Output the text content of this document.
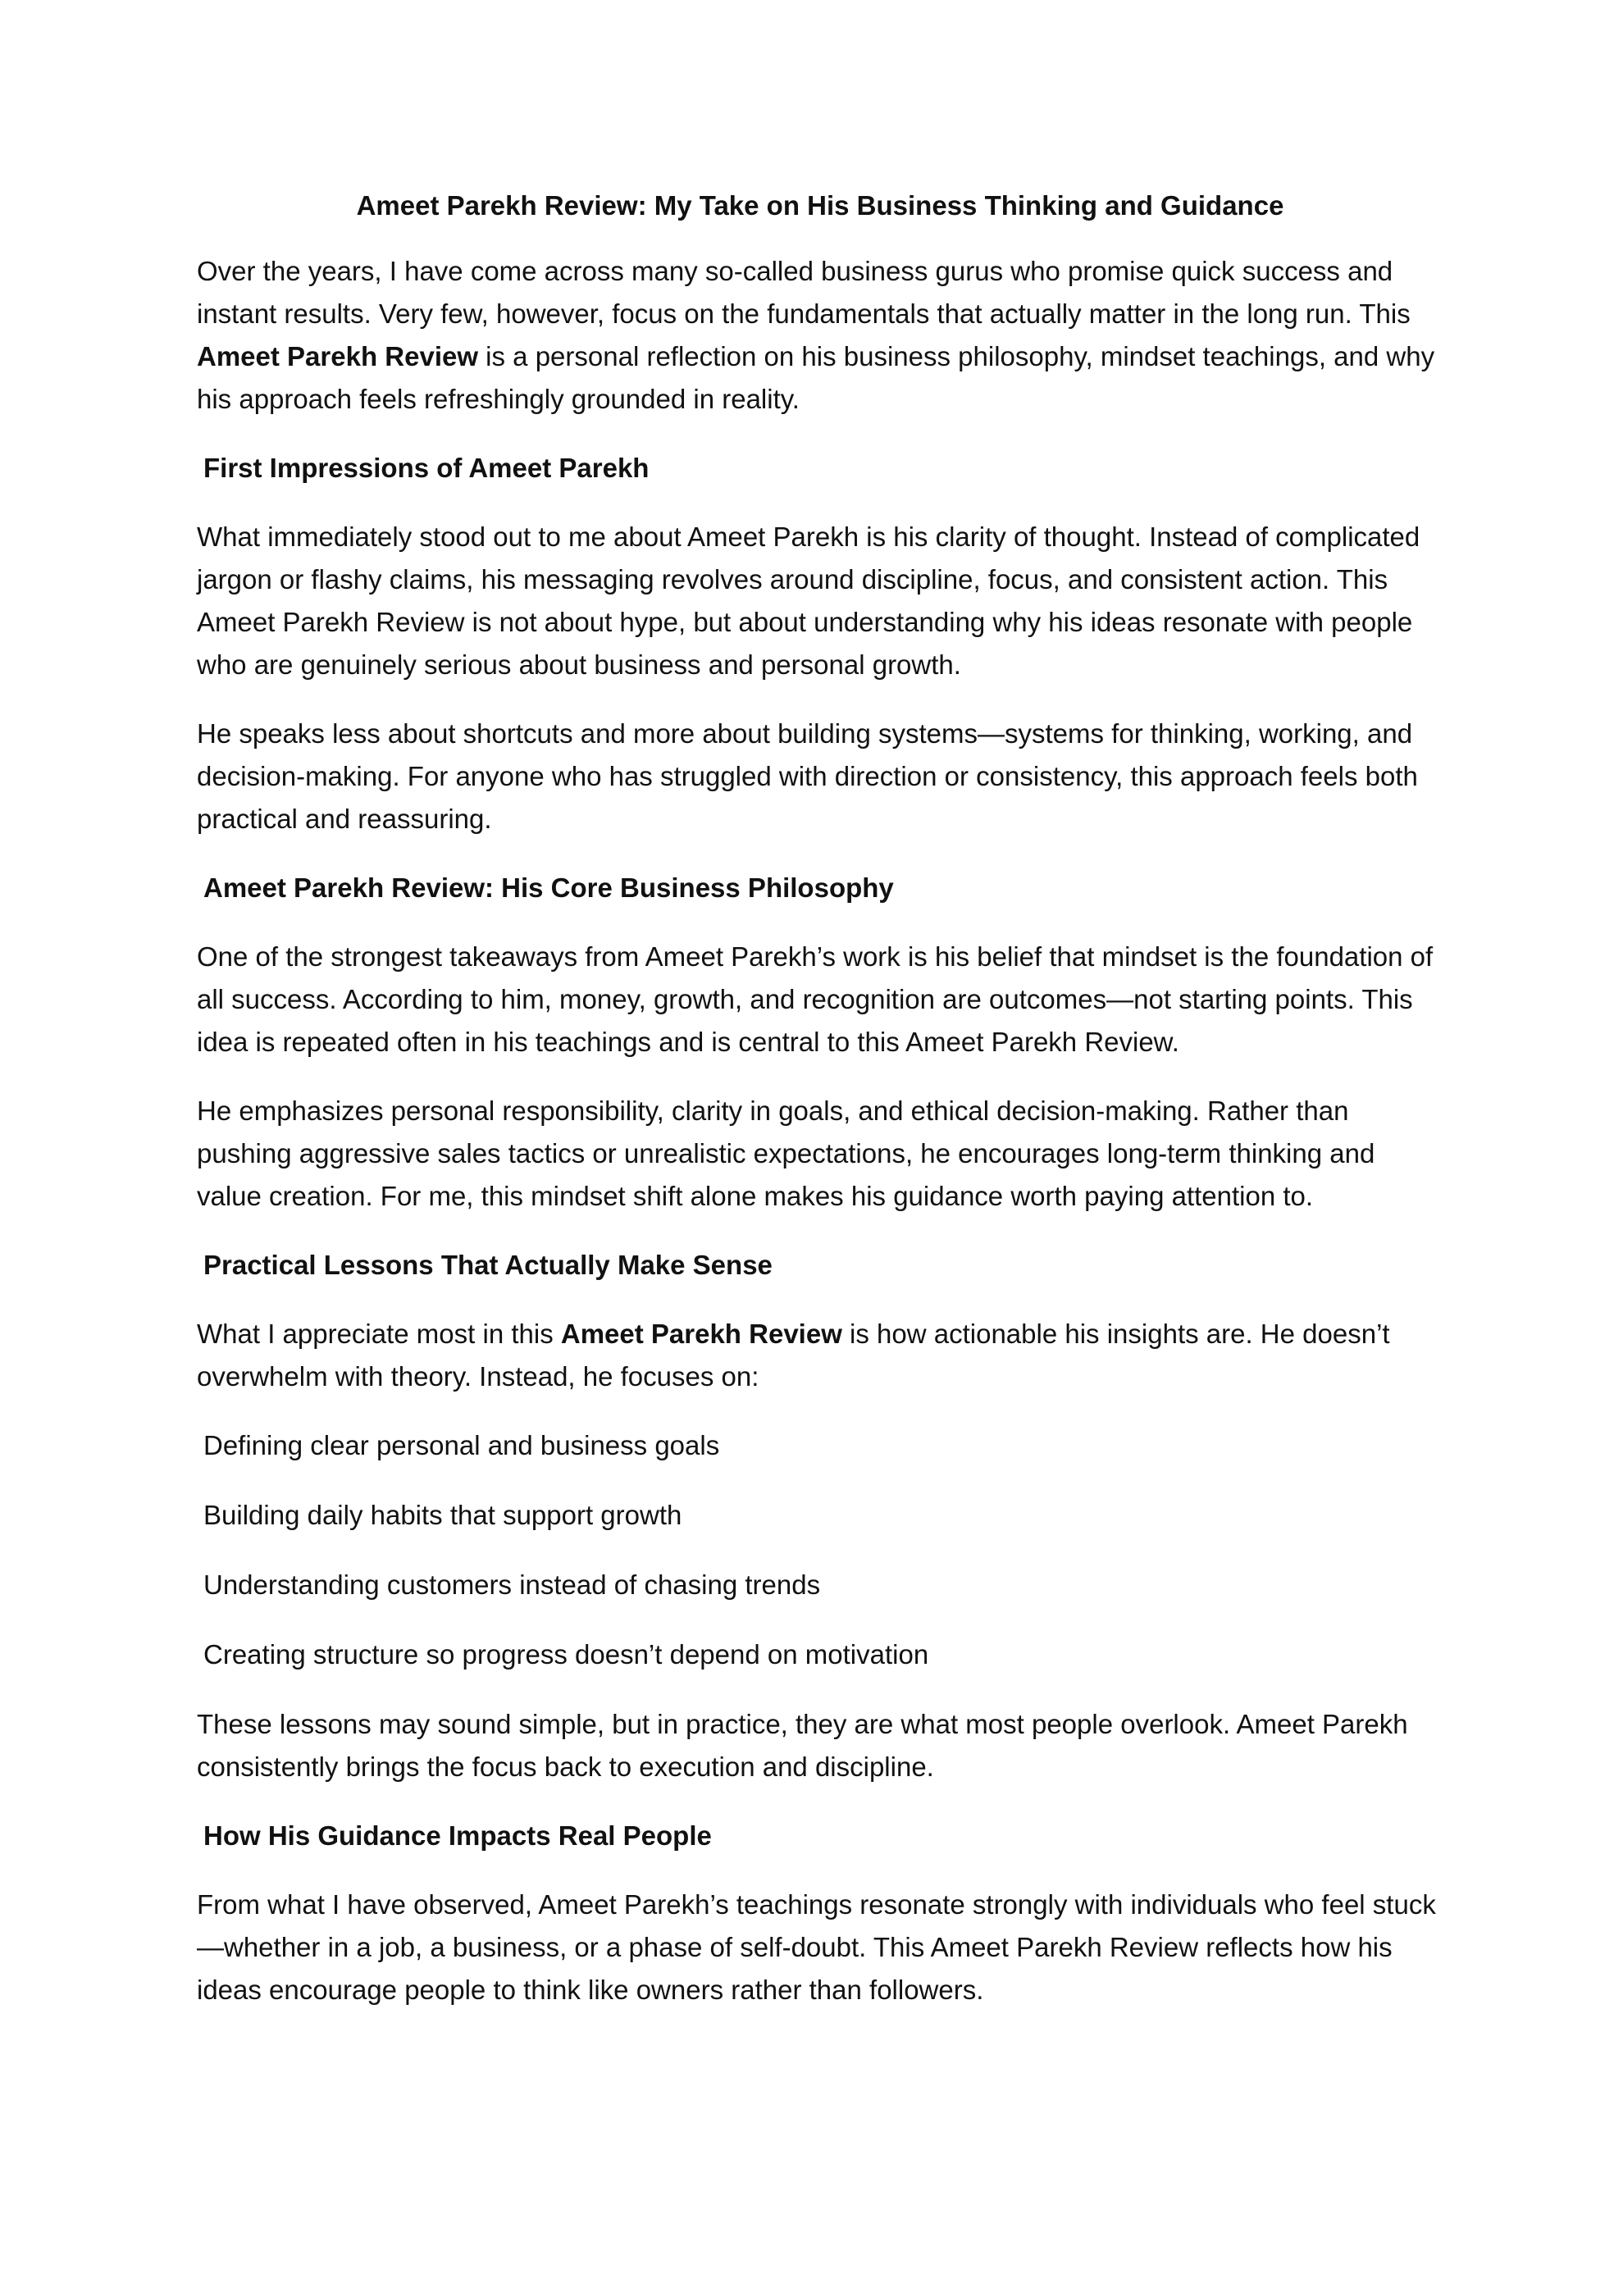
Ameet Parekh Review: My Take on His Business Thinking and Guidance

Over the years, I have come across many so-called business gurus who promise quick success and instant results. Very few, however, focus on the fundamentals that actually matter in the long run. This Ameet Parekh Review is a personal reflection on his business philosophy, mindset teachings, and why his approach feels refreshingly grounded in reality.

First Impressions of Ameet Parekh

What immediately stood out to me about Ameet Parekh is his clarity of thought. Instead of complicated jargon or flashy claims, his messaging revolves around discipline, focus, and consistent action. This Ameet Parekh Review is not about hype, but about understanding why his ideas resonate with people who are genuinely serious about business and personal growth.

He speaks less about shortcuts and more about building systems—systems for thinking, working, and decision-making. For anyone who has struggled with direction or consistency, this approach feels both practical and reassuring.

Ameet Parekh Review: His Core Business Philosophy

One of the strongest takeaways from Ameet Parekh’s work is his belief that mindset is the foundation of all success. According to him, money, growth, and recognition are outcomes—not starting points. This idea is repeated often in his teachings and is central to this Ameet Parekh Review.

He emphasizes personal responsibility, clarity in goals, and ethical decision-making. Rather than pushing aggressive sales tactics or unrealistic expectations, he encourages long-term thinking and value creation. For me, this mindset shift alone makes his guidance worth paying attention to.

Practical Lessons That Actually Make Sense

What I appreciate most in this Ameet Parekh Review is how actionable his insights are. He doesn’t overwhelm with theory. Instead, he focuses on:

Defining clear personal and business goals
Building daily habits that support growth
Understanding customers instead of chasing trends
Creating structure so progress doesn’t depend on motivation

These lessons may sound simple, but in practice, they are what most people overlook. Ameet Parekh consistently brings the focus back to execution and discipline.

How His Guidance Impacts Real People

From what I have observed, Ameet Parekh’s teachings resonate strongly with individuals who feel stuck—whether in a job, a business, or a phase of self-doubt. This Ameet Parekh Review reflects how his ideas encourage people to think like owners rather than followers.
